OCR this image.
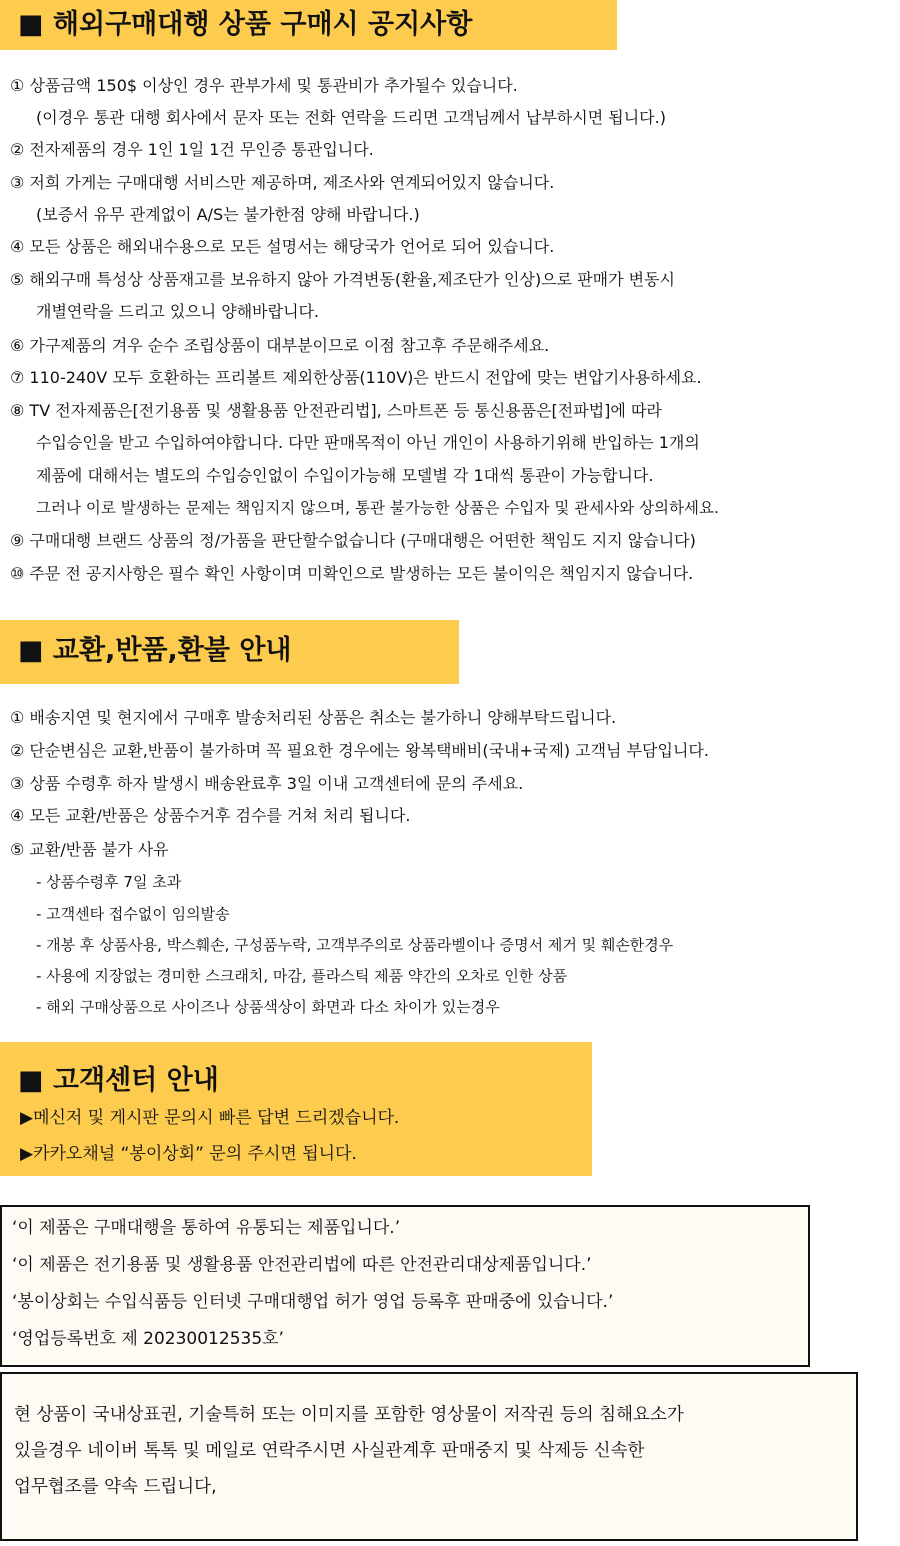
■ 해외구매대행 상품 구매시 공지사항
① 상품금액 150$ 이상인 경우 관부가세 및 통관비가 추가될수 있습니다.
(이경우 통관 대행 회사에서 문자 또는 전화 연락을 드리면 고객님께서 납부하시면 됩니다.)
② 전자제품의 경우 1인 1일 1건 무인증 통관입니다.
③ 저희 가게는 구매대행 서비스만 제공하며, 제조사와 연계되어있지 않습니다.
(보증서 유무 관계없이 A/S는 불가한점 양해 바랍니다.)
④ 모든 상품은 해외내수용으로 모든 설명서는 해당국가 언어로 되어 있습니다.
⑤ 해외구매 특성상 상품재고를 보유하지 않아 가격변동(환율,제조단가 인상)으로 판매가 변동시
개별연락을 드리고 있으니 양해바랍니다.
⑥ 가구제품의 겨우 순수 조립상품이 대부분이므로 이점 참고후 주문해주세요.
⑦ 110-240V 모두 호환하는 프리볼트 제외한상품(110V)은 반드시 전압에 맞는 변압기사용하세요.
⑧ TV 전자제품은[전기용품 및 생활용품 안전관리법], 스마트폰 등 통신용품은[전파법]에 따라
수입승인을 받고 수입하여야합니다. 다만 판매목적이 아닌 개인이 사용하기위해 반입하는 1개의
제품에 대해서는 별도의 수입승인없이 수입이가능해 모델별 각 1대씩 통관이 가능합니다.
그러나 이로 발생하는 문제는 책임지지 않으며, 통관 불가능한 상품은 수입자 및 관세사와 상의하세요.
⑨ 구매대행 브랜드 상품의 정/가품을 판단할수없습니다 (구매대행은 어떤한 책임도 지지 않습니다)
⑩ 주문 전 공지사항은 필수 확인 사항이며 미확인으로 발생하는 모든 불이익은 책임지지 않습니다.
■ 교환,반품,환불 안내
① 배송지연 및 현지에서 구매후 발송처리된 상품은 취소는 불가하니 양해부탁드립니다.
② 단순변심은 교환,반품이 불가하며 꼭 필요한 경우에는 왕복택배비(국내+국제) 고객님 부담입니다.
③ 상품 수령후 하자 발생시 배송완료후 3일 이내 고객센터에 문의 주세요.
④ 모든 교환/반품은 상품수거후 검수를 거쳐 처리 됩니다.
⑤ 교환/반품 불가 사유
- 상품수령후 7일 초과
- 고객센타 접수없이 임의발송
- 개봉 후 상품사용, 박스훼손, 구성품누락, 고객부주의로 상품라벨이나 증명서 제거 및 훼손한경우
- 사용에 지장없는 경미한 스크래치, 마감, 플라스틱 제품 약간의 오차로 인한 상품
- 해외 구매상품으로 사이즈나 상품색상이 화면과 다소 차이가 있는경우
■ 고객센터 안내
▶메신저 및 게시판 문의시 빠른 답변 드리겠습니다.
▶카카오채널 “봉이상회” 문의 주시면 됩니다.
‘이 제품은 구매대행을 통하여 유통되는 제품입니다.’
‘이 제품은 전기용품 및 생활용품 안전관리법에 따른 안전관리대상제품입니다.’
‘봉이상회는 수입식품등 인터넷 구매대행업 허가 영업 등록후 판매중에 있습니다.’
‘영업등록번호 제 20230012535호’
현 상품이 국내상표권, 기술특허 또는 이미지를 포함한 영상물이 저작권 등의 침해요소가
있을경우 네이버 톡톡 및 메일로 연락주시면 사실관계후 판매중지 및 삭제등 신속한
업무협조를 약속 드립니다,
